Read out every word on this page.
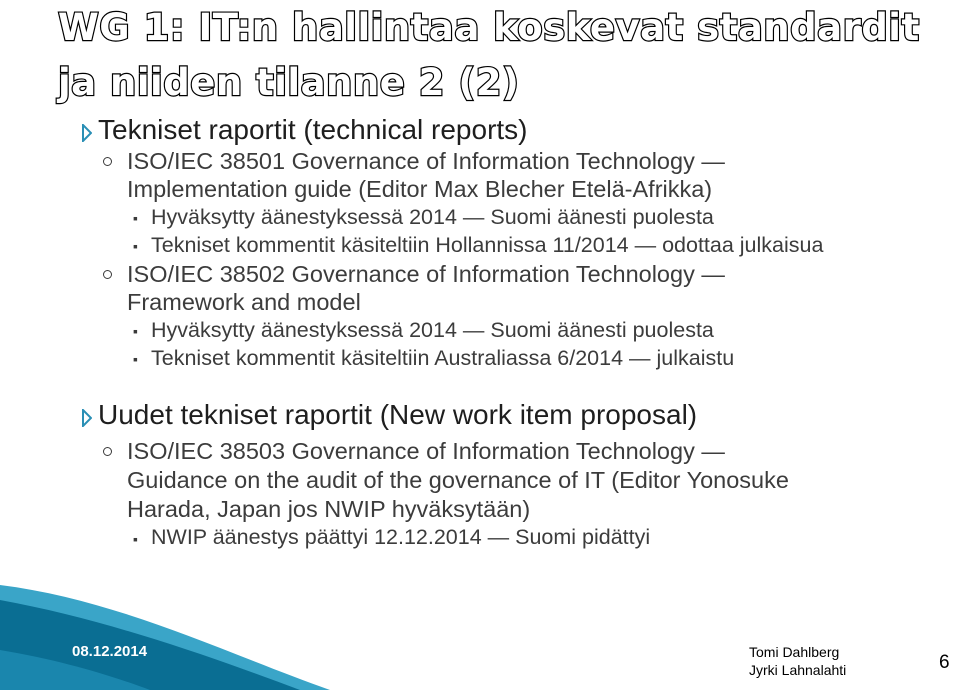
WG 1: IT:n hallintaa koskevat standardit
ja niiden tilanne 2 (2)
Tekniset raportit (technical reports)
ISO/IEC 38501 Governance of Information Technology —
Implementation guide (Editor Max Blecher Etelä-Afrikka)
▪ Hyväksytty äänestyksessä 2014 — Suomi äänesti puolesta
▪ Tekniset kommentit käsiteltiin Hollannissa 11/2014 — odottaa julkaisua
ISO/IEC 38502 Governance of Information Technology —
Framework and model
▪ Hyväksytty äänestyksessä 2014 — Suomi äänesti puolesta
▪ Tekniset kommentit käsiteltiin Australiassa 6/2014 — julkaistu
Uudet tekniset raportit (New work item proposal)
ISO/IEC 38503 Governance of Information Technology —
Guidance on the audit of the governance of IT (Editor Yonosuke
Harada, Japan jos NWIP hyväksytään)
▪ NWIP äänestys päättyi 12.12.2014 — Suomi pidättyi
08.12.2014	Tomi Dahlberg
Jyrki Lahnalahti	6
